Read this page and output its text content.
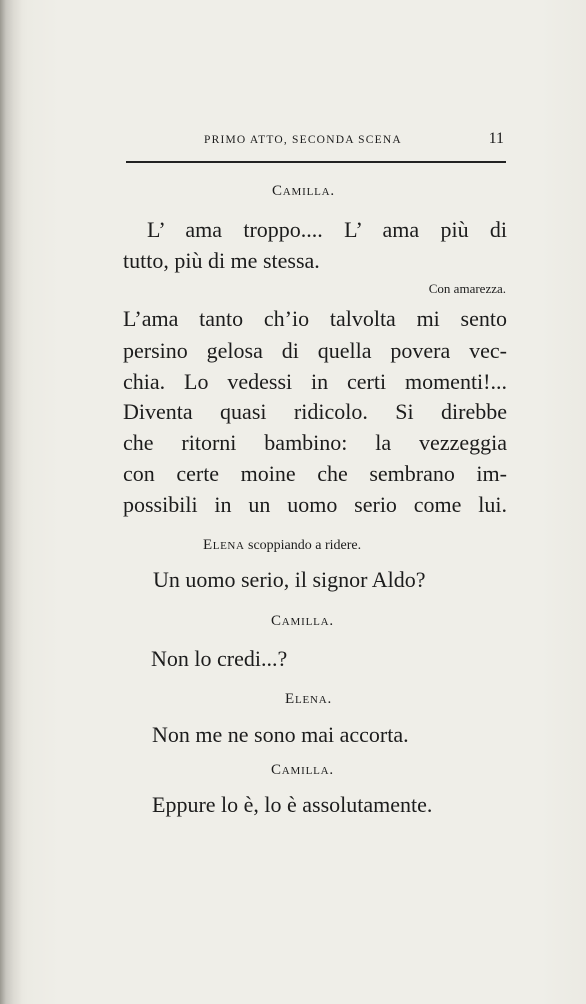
PRIMO ATTO, SECONDA SCENA	11
Camilla.
L’ ama troppo.... L’ ama più di
tutto, più di me stessa.
Con amarezza.
L’ama tanto ch’io talvolta mi sento
persino gelosa di quella povera vec-
chia. Lo vedessi in certi momenti!...
Diventa quasi ridicolo. Si direbbe
che ritorni bambino: la vezzeggia
con certe moine che sembrano im-
possibili in un uomo serio come lui.
Elena scoppiando a ridere.
Un uomo serio, il signor Aldo?
Camilla.
Non lo credi...?
Elena.
Non me ne sono mai accorta.
Camilla.
Eppure lo è, lo è assolutamente.
